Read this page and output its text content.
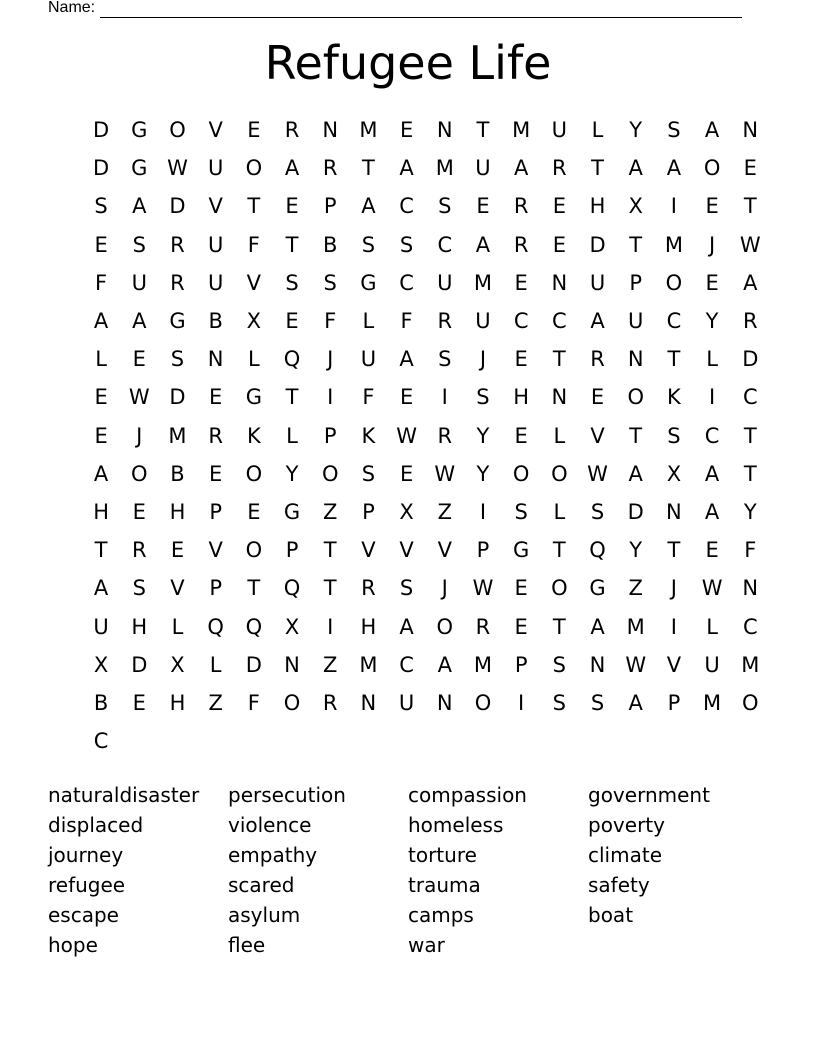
Name:
Refugee Life
D	G	O	V	E	R	N	M	E	N	T	M	U	L	Y	S	A	N
D	G W U	O	A	R	T	A	M	U	A	R	T	A	A	O	E
S	A	D	V	T	E	P	A	C	S	E	R	E	H	X	I	E	T
E	S	R	U	F	T	B	S	S	C	A	R	E	D	T	M	J	W
F	U	R	U	V	S	S	G	C	U	M	E	N	U	P	O	E	A
A	A	G	B	X	E	F	L	F	R	U	C	C	A	U	C	Y	R
L	E	S	N	L	Q	J	U	A	S	J	E	T	R	N	T	L	D
E	W D	E	G	T	I	F	E	I	S	H	N	E	O	K	I	C
E	J	M	R	K	L	P	K W R	Y	E	L	V	T	S	C	T
A	O	B	E	O	Y	O	S	E	W	Y	O	O W A	X	A	T
H	E	H	P	E	G	Z	P	X	Z	I	S	L	S	D	N	A	Y
T	R	E	V	O	P	T	V	V	V	P	G	T	Q	Y	T	E	F
A	S	V	P	T	Q	T	R	S	J	W	E	O	G	Z	J	W N
U	H	L	Q	Q	X	I	H	A	O	R	E	T	A	M	I	L	C
X	D	X	L	D	N	Z	M	C	A	M	P	S	N W V	U	M
B	E	H	Z	F	O	R	N	U	N	O	I	S	S	A	P	M O
C
naturaldisaster
displaced
journey
refugee
escape
hope
persecution
violence
empathy
scared
asylum
flee
compassion
homeless
torture
trauma
camps
war
government
poverty
climate
safety
boat
